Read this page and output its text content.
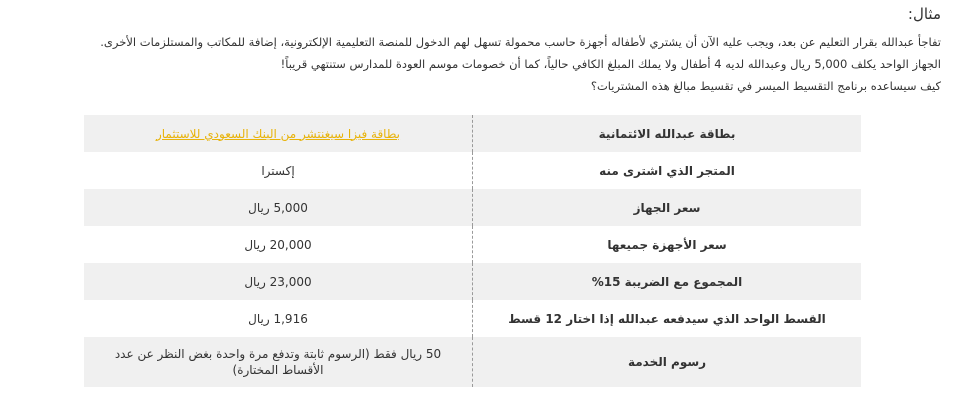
مثال:

تفاجأ عبدالله بقرار التعليم عن بعد، ويجب عليه الآن أن يشتري لأطفاله أجهزة حاسب محمولة تسهل لهم الدخول للمنصة التعليمية الإلكترونية، إضافة للمكاتب والمستلزمات الأخرى.

الجهاز الواحد يكلف 5,000 ريال وعبدالله لديه 4 أطفال ولا يملك المبلغ الكافي حالياً، كما أن خصومات موسم العودة للمدارس ستنتهي قريباً!

كيف سيساعده برنامج التقسيط الميسر في تقسيط مبالغ هذه المشتريات؟

بطاقة عبدالله الائتمانية	بطاقة فيزا سيغنتشر من البنك السعودي للاستثمار
المتجر الذي اشترى منه	إكسترا
سعر الجهاز	5,000 ريال
سعر الأجهزة جميعها	20,000 ريال
المجموع مع الضريبة 15%	23,000 ريال
القسط الواحد الذي سيدفعه عبدالله إذا اختار 12 قسط	1,916 ريال
رسوم الخدمة	50 ريال فقط (الرسوم ثابتة وتدفع مرة واحدة بغض النظر عن عدد الأقساط المختارة)
